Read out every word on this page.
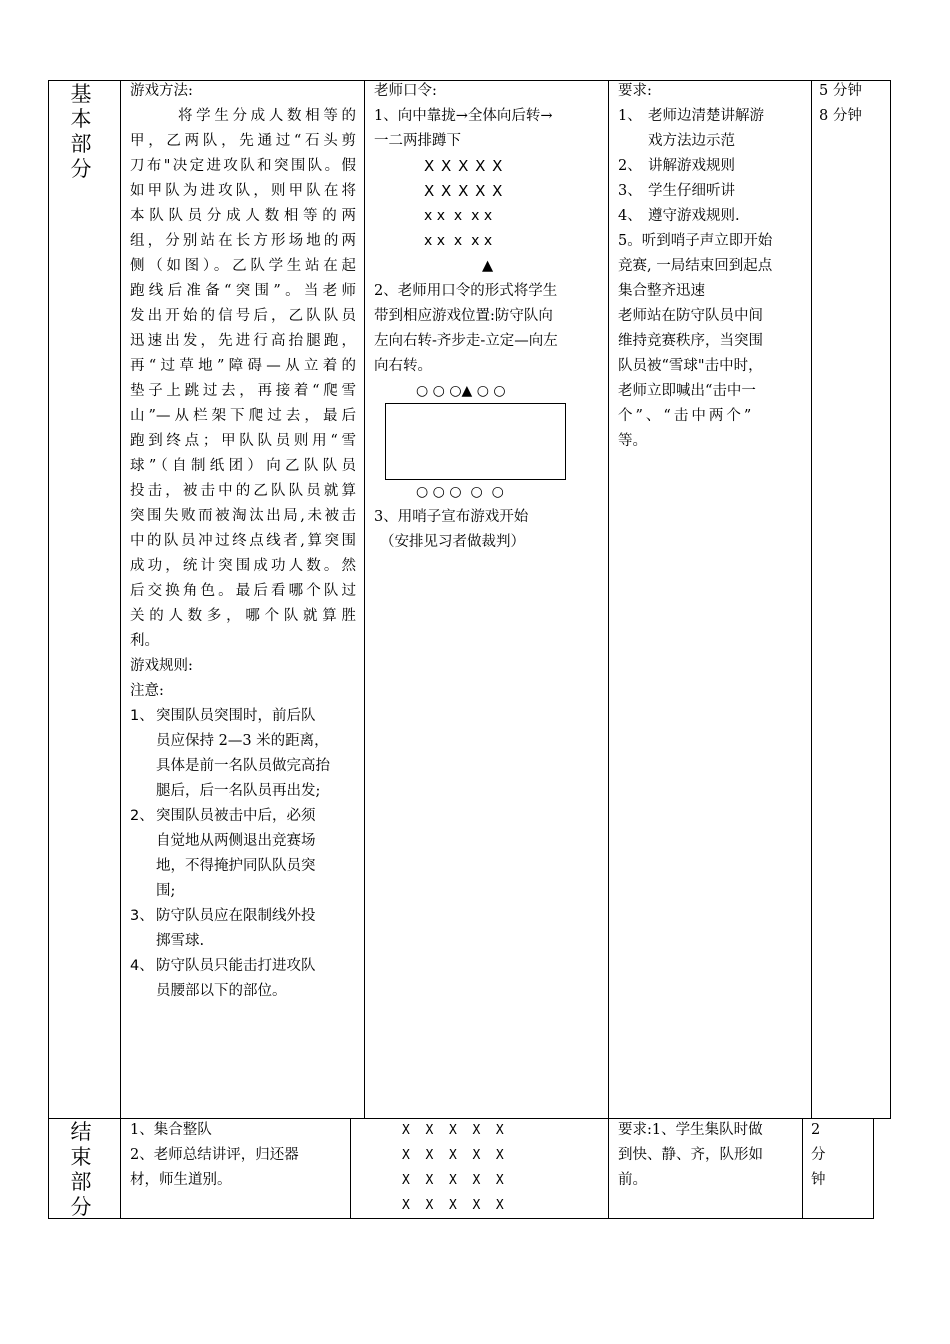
基
本
部
分
游戏方法:
将学生分成人数相等的
甲，乙两队，先通过“石头剪
刀布"决定进攻队和突围队。假
如甲队为进攻队，则甲队在将
本队队员分成人数相等的两
组，分别站在长方形场地的两
侧（如图）。乙队学生站在起
跑线后准备“突围”。当老师
发出开始的信号后，乙队队员
迅速出发，先进行高抬腿跑，
再“过草地”障碍—从立着的
垫子上跳过去，再接着“爬雪
山”—从栏架下爬过去，最后
跑到终点；甲队队员则用“雪
球”（自制纸团）向乙队队员
投击，被击中的乙队队员就算
突围失败而被淘汰出局,未被击
中的队员冲过终点线者,算突围
成功，统计突围成功人数。然
后交换角色。最后看哪个队过
关的人数多，哪个队就算胜
利。
游戏规则:
注意:
1、 突围队员突围时，前后队
员应保持 2—3 米的距离，
具体是前一名队员做完高抬
腿后，后一名队员再出发;
2、 突围队员被击中后，必须
自觉地从两侧退出竞赛场
地，不得掩护同队队员突
围;
3、 防守队员应在限制线外投
掷雪球.
4、 防守队员只能击打进攻队
员腰部以下的部位。
老师口令:
1、向中靠拢→全体向后转→
一二两排蹲下
X X X X X
X X X X X
x x  x  x x
x x  x  x x
▲
2、老师用口令的形式将学生
带到相应游戏位置:防守队向
左向右转-齐步走-立定—向左
向右转。
○ ○ ○▲ ○ ○
○ ○ ○  ○  ○
3、用哨子宣布游戏开始
（安排见习者做裁判）
要求:
1、 老师边清楚讲解游
戏方法边示范
2、 讲解游戏规则
3、 学生仔细听讲
4、 遵守游戏规则.
5。听到哨子声立即开始
竞赛, 一局结束回到起点
集合整齐迅速
老师站在防守队员中间
维持竞赛秩序，当突围
队员被“雪球"击中时，
老师立即喊出“击中一
个”、“击中两个”
等。
5 分钟
8 分钟
结
束
部
分
1、集合整队
2、老师总结讲评，归还器
材，师生道别。
X  X  X  X  X
X  X  X  X  X
X  X  X  X  X
X  X  X  X  X
要求:1、学生集队时做
到快、静、齐，队形如
前。
2
分
钟
